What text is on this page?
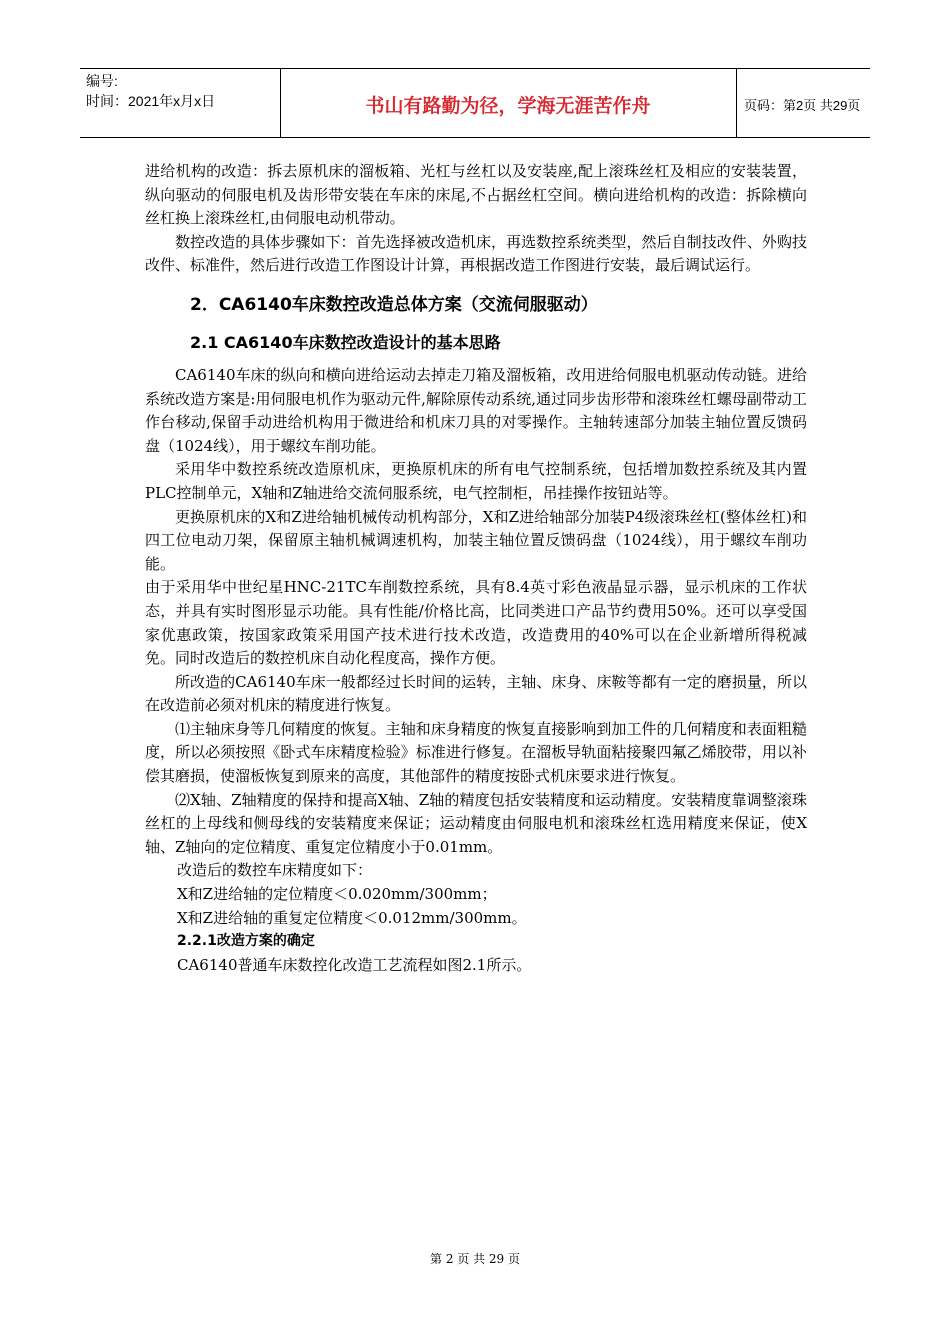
编号:
时间：2021年x月x日	书山有路勤为径，学海无涯苦作舟	页码：第2页 共29页

进给机构的改造：拆去原机床的溜板箱、光杠与丝杠以及安装座,配上滚珠丝杠及相应的安装装置，纵向驱动的伺服电机及齿形带安装在车床的床尾,不占据丝杠空间。横向进给机构的改造：拆除横向丝杠换上滚珠丝杠,由伺服电动机带动。

数控改造的具体步骤如下：首先选择被改造机床，再选数控系统类型，然后自制技改件、外购技改件、标准件，然后进行改造工作图设计计算，再根据改造工作图进行安装，最后调试运行。

2．CA6140车床数控改造总体方案（交流伺服驱动）

2.1 CA6140车床数控改造设计的基本思路

CA6140车床的纵向和横向进给运动去掉走刀箱及溜板箱，改用进给伺服电机驱动传动链。进给系统改造方案是:用伺服电机作为驱动元件,解除原传动系统,通过同步齿形带和滚珠丝杠螺母副带动工作台移动,保留手动进给机构用于微进给和机床刀具的对零操作。主轴转速部分加装主轴位置反馈码盘（1024线），用于螺纹车削功能。

采用华中数控系统改造原机床，更换原机床的所有电气控制系统，包括增加数控系统及其内置PLC控制单元，X轴和Z轴进给交流伺服系统，电气控制柜，吊挂操作按钮站等。

更换原机床的X和Z进给轴机械传动机构部分，X和Z进给轴部分加装P4级滚珠丝杠(整体丝杠)和四工位电动刀架，保留原主轴机械调速机构，加装主轴位置反馈码盘（1024线），用于螺纹车削功能。

由于采用华中世纪星HNC-21TC车削数控系统，具有8.4英寸彩色液晶显示器，显示机床的工作状态，并具有实时图形显示功能。具有性能/价格比高，比同类进口产品节约费用50%。还可以享受国家优惠政策，按国家政策采用国产技术进行技术改造，改造费用的40%可以在企业新增所得税减免。同时改造后的数控机床自动化程度高，操作方便。

所改造的CA6140车床一般都经过长时间的运转，主轴、床身、床鞍等都有一定的磨损量，所以在改造前必须对机床的精度进行恢复。

⑴主轴床身等几何精度的恢复。主轴和床身精度的恢复直接影响到加工件的几何精度和表面粗糙度，所以必须按照《卧式车床精度检验》标准进行修复。在溜板导轨面粘接聚四氟乙烯胶带，用以补偿其磨损，使溜板恢复到原来的高度，其他部件的精度按卧式机床要求进行恢复。

⑵X轴、Z轴精度的保持和提高X轴、Z轴的精度包括安装精度和运动精度。安装精度靠调整滚珠丝杠的上母线和侧母线的安装精度来保证；运动精度由伺服电机和滚珠丝杠选用精度来保证，使X轴、Z轴向的定位精度、重复定位精度小于0.01mm。

改造后的数控车床精度如下：

X和Z进给轴的定位精度＜0.020mm/300mm；

X和Z进给轴的重复定位精度＜0.012mm/300mm。

2.2.1改造方案的确定

CA6140普通车床数控化改造工艺流程如图2.1所示。

第 2 页 共 29 页
